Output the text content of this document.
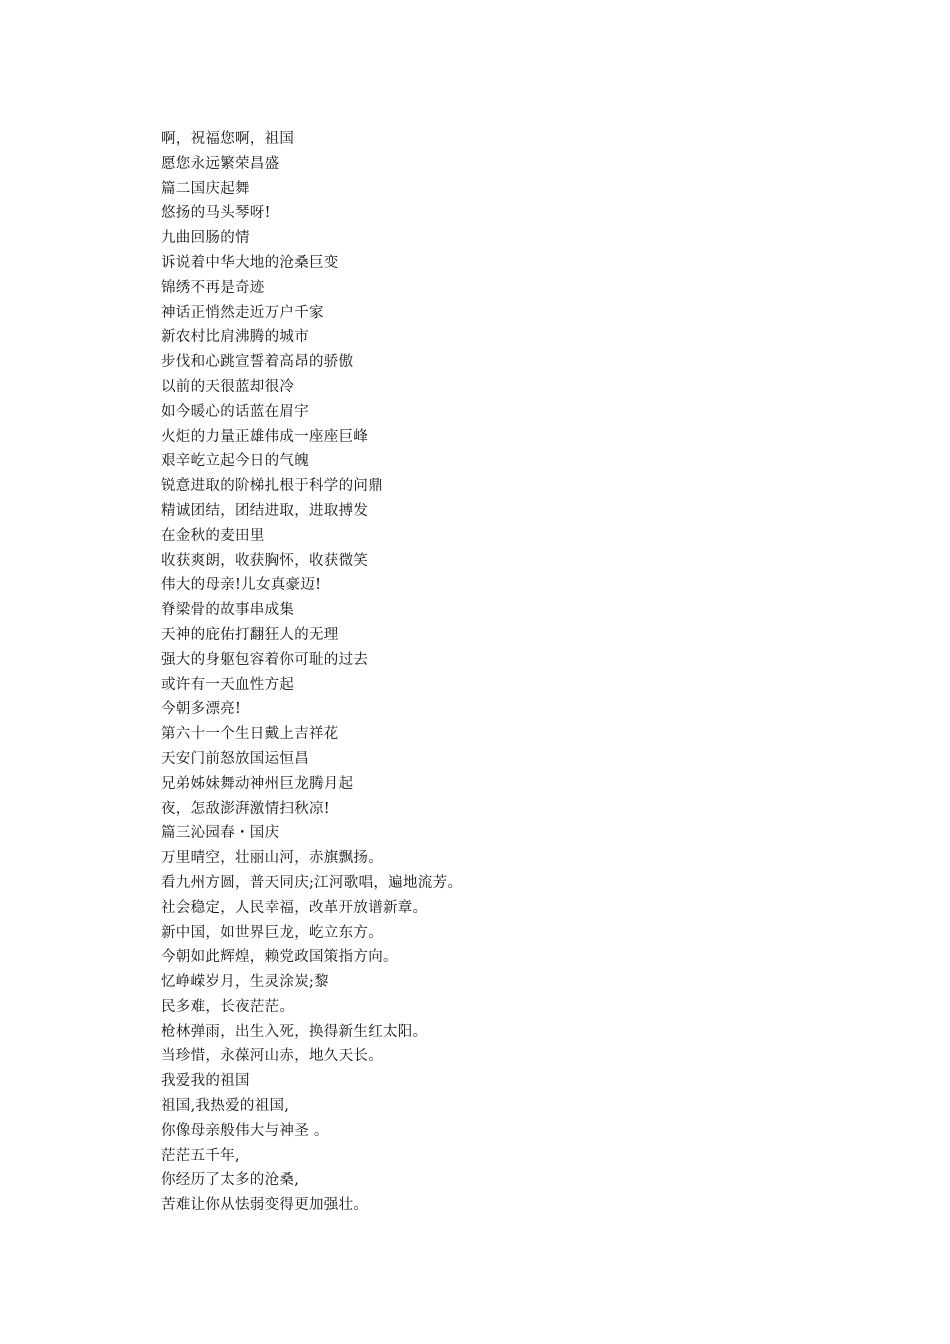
啊，祝福您啊，祖国
愿您永远繁荣昌盛
篇二国庆起舞
悠扬的马头琴呀!
九曲回肠的情
诉说着中华大地的沧桑巨变
锦绣不再是奇迹
神话正悄然走近万户千家
新农村比肩沸腾的城市
步伐和心跳宣誓着高昂的骄傲
以前的天很蓝却很冷
如今暖心的话蓝在眉宇
火炬的力量正雄伟成一座座巨峰
艰辛屹立起今日的气魄
锐意进取的阶梯扎根于科学的问鼎
精诚团结，团结进取，进取搏发
在金秋的麦田里
收获爽朗，收获胸怀，收获微笑
伟大的母亲!儿女真豪迈!
脊梁骨的故事串成集
天神的庇佑打翻狂人的无理
强大的身躯包容着你可耻的过去
或许有一天血性方起
今朝多漂亮!
第六十一个生日戴上吉祥花
天安门前怒放国运恒昌
兄弟姊妹舞动神州巨龙腾月起
夜，怎敌澎湃激情扫秋凉!
篇三沁园春・国庆
万里晴空，壮丽山河，赤旗飘扬。
看九州方圆，普天同庆;江河歌唱，遍地流芳。
社会稳定，人民幸福，改革开放谱新章。
新中国，如世界巨龙，屹立东方。
今朝如此辉煌，赖党政国策指方向。
忆峥嵘岁月，生灵涂炭;黎
民多难，长夜茫茫。
枪林弹雨，出生入死，换得新生红太阳。
当珍惜，永葆河山赤，地久天长。
我爱我的祖国
祖国,我热爱的祖国,
你像母亲般伟大与神圣 。
茫茫五千年,
你经历了太多的沧桑,
苦难让你从怯弱变得更加强壮。
